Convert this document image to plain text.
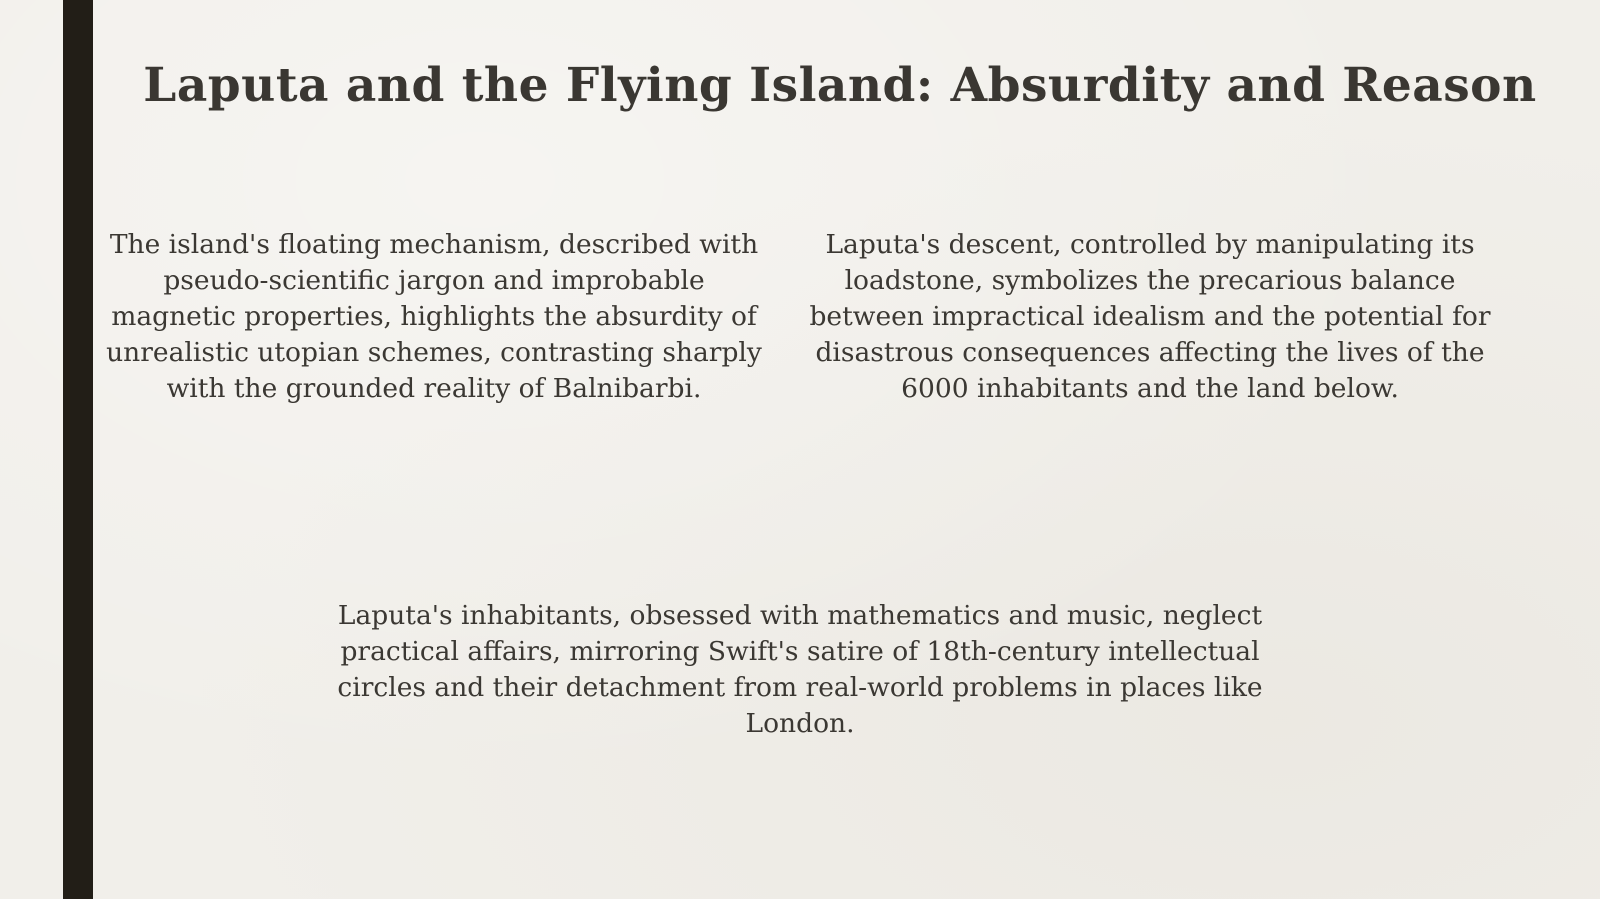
Laputa and the Flying Island: Absurdity and Reason

The island's floating mechanism, described with pseudo-scientific jargon and improbable magnetic properties, highlights the absurdity of unrealistic utopian schemes, contrasting sharply with the grounded reality of Balnibarbi.

Laputa's descent, controlled by manipulating its loadstone, symbolizes the precarious balance between impractical idealism and the potential for disastrous consequences affecting the lives of the 6000 inhabitants and the land below.

Laputa's inhabitants, obsessed with mathematics and music, neglect practical affairs, mirroring Swift's satire of 18th-century intellectual circles and their detachment from real-world problems in places like London.
